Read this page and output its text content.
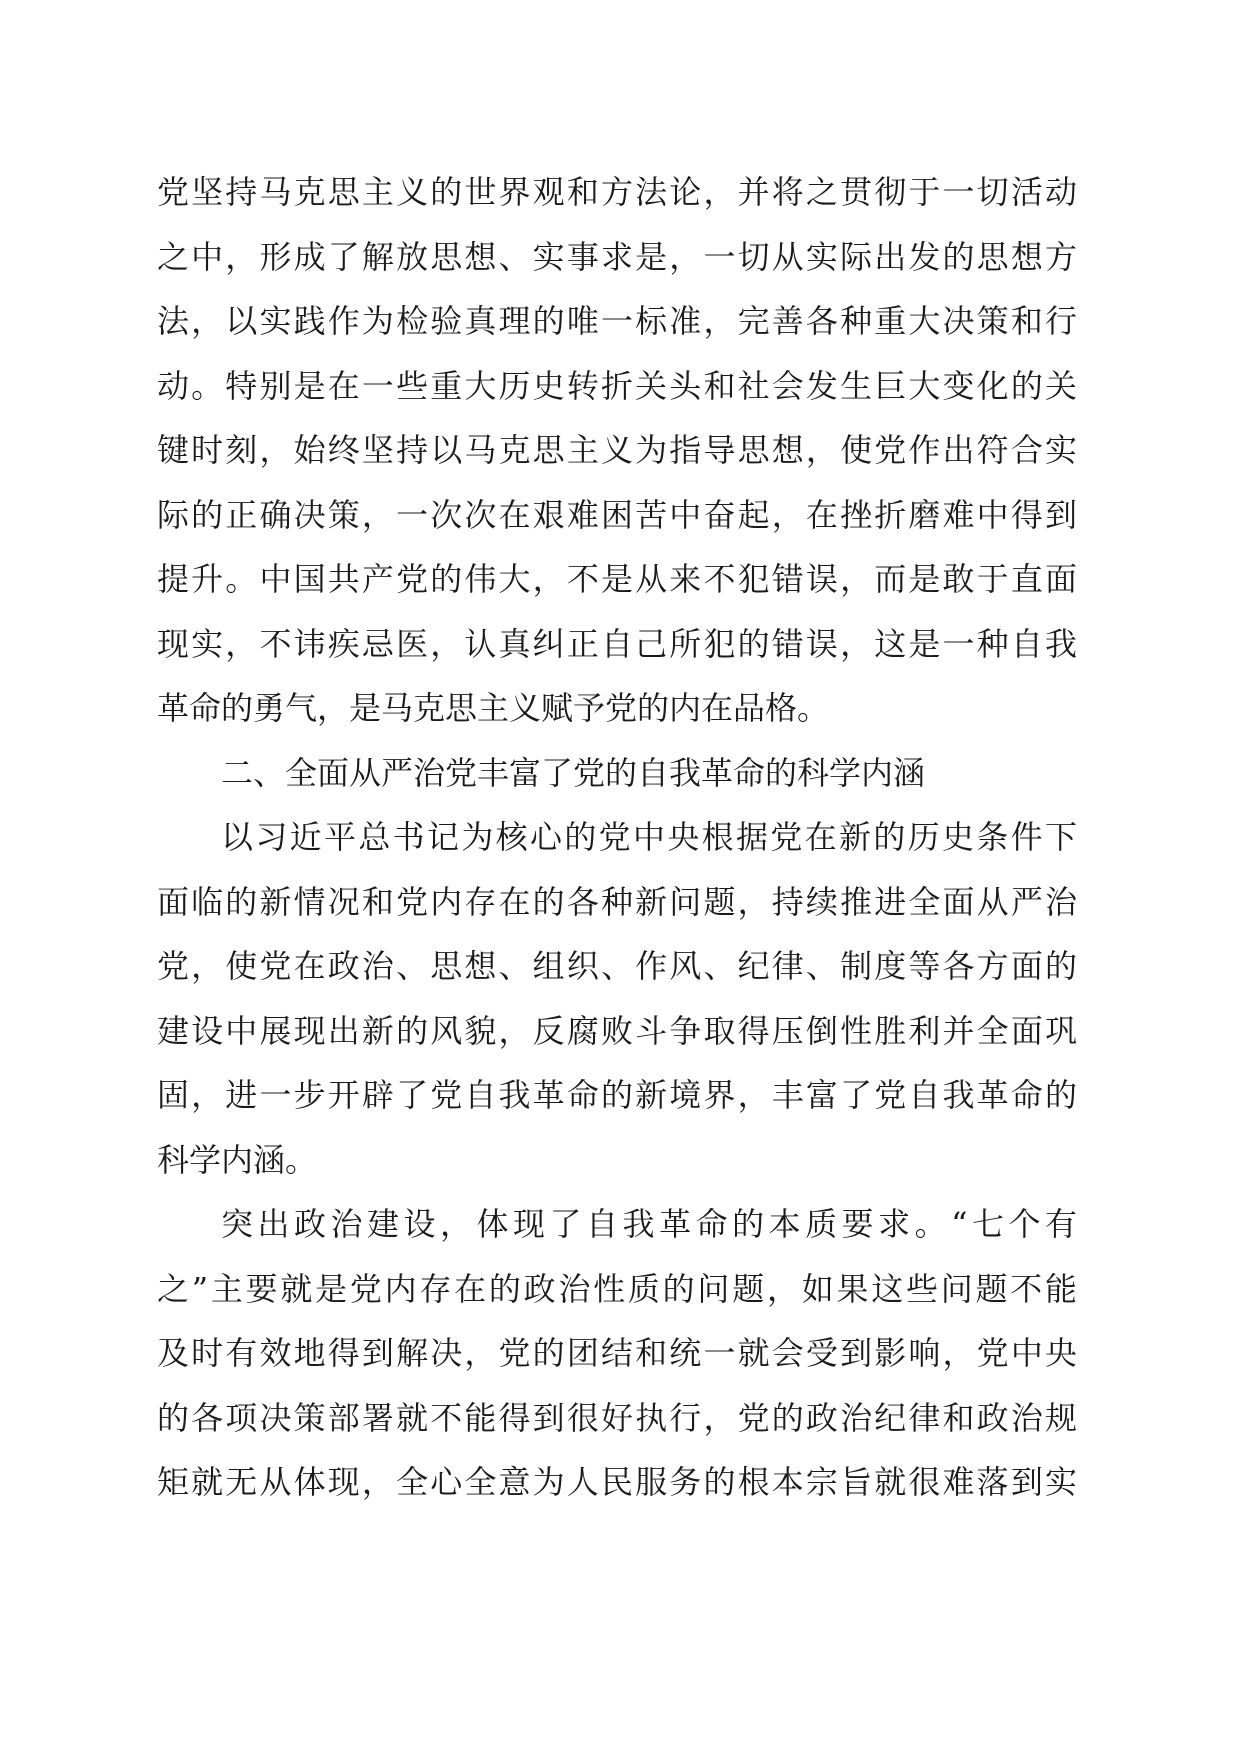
党坚持马克思主义的世界观和方法论，并将之贯彻于一切活动
之中，形成了解放思想、实事求是，一切从实际出发的思想方
法，以实践作为检验真理的唯一标准，完善各种重大决策和行
动。特别是在一些重大历史转折关头和社会发生巨大变化的关
键时刻，始终坚持以马克思主义为指导思想，使党作出符合实
际的正确决策，一次次在艰难困苦中奋起，在挫折磨难中得到
提升。中国共产党的伟大，不是从来不犯错误，而是敢于直面
现实，不讳疾忌医，认真纠正自己所犯的错误，这是一种自我
革命的勇气，是马克思主义赋予党的内在品格。
二、全面从严治党丰富了党的自我革命的科学内涵
以习近平总书记为核心的党中央根据党在新的历史条件下
面临的新情况和党内存在的各种新问题，持续推进全面从严治
党，使党在政治、思想、组织、作风、纪律、制度等各方面的
建设中展现出新的风貌，反腐败斗争取得压倒性胜利并全面巩
固，进一步开辟了党自我革命的新境界，丰富了党自我革命的
科学内涵。
突出政治建设，体现了自我革命的本质要求。“七个有
之”主要就是党内存在的政治性质的问题，如果这些问题不能
及时有效地得到解决，党的团结和统一就会受到影响，党中央
的各项决策部署就不能得到很好执行，党的政治纪律和政治规
矩就无从体现，全心全意为人民服务的根本宗旨就很难落到实
